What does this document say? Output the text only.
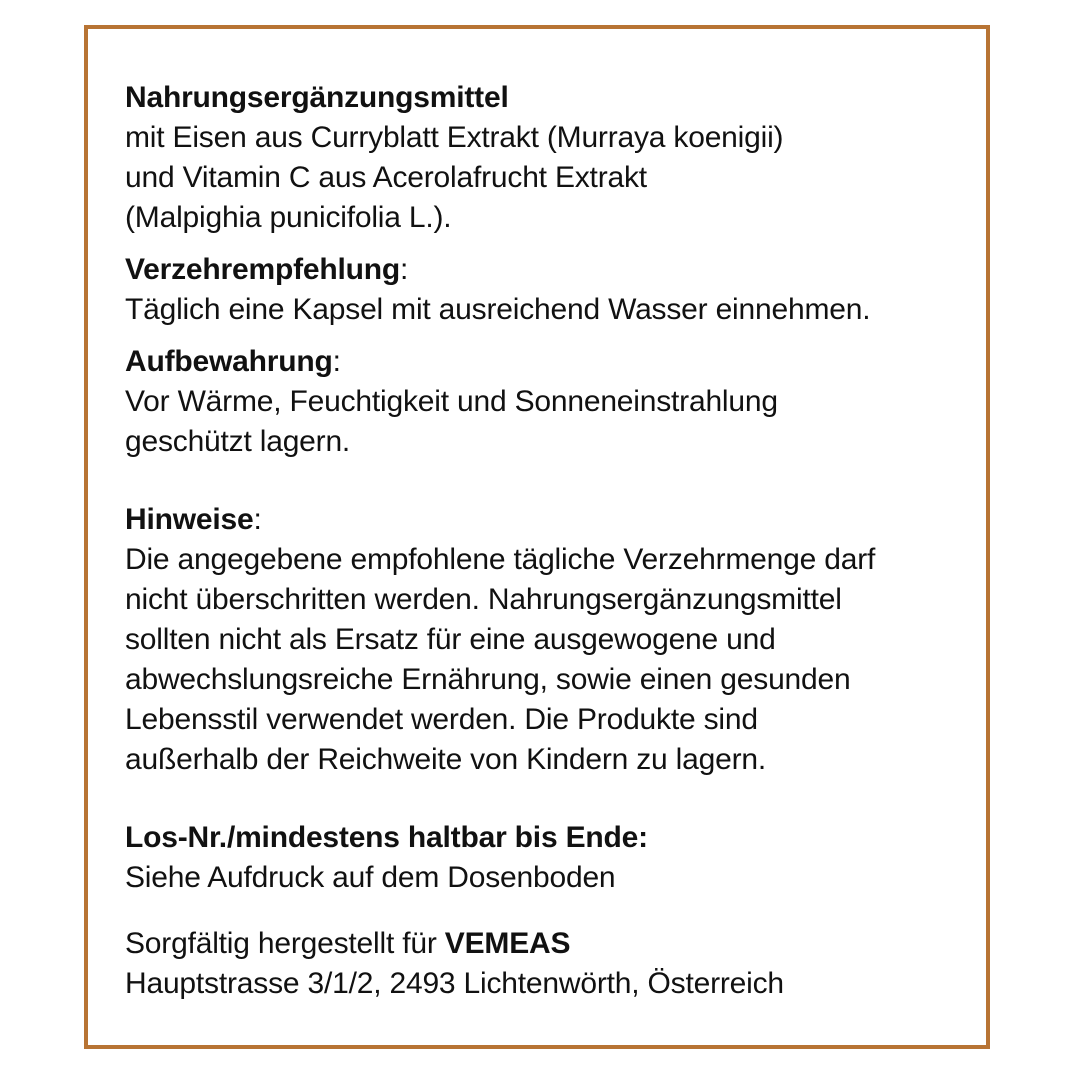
Nahrungsergänzungsmittel
mit Eisen aus Curryblatt Extrakt (Murraya koenigii)
und Vitamin C aus Acerolafrucht Extrakt
(Malpighia punicifolia L.).
Verzehrempfehlung:
Täglich eine Kapsel mit ausreichend Wasser einnehmen.
Aufbewahrung:
Vor Wärme, Feuchtigkeit und Sonneneinstrahlung
geschützt lagern.
Hinweise:
Die angegebene empfohlene tägliche Verzehrmenge darf
nicht überschritten werden. Nahrungsergänzungsmittel
sollten nicht als Ersatz für eine ausgewogene und
abwechslungsreiche Ernährung, sowie einen gesunden
Lebensstil verwendet werden. Die Produkte sind
außerhalb der Reichweite von Kindern zu lagern.
Los-Nr./mindestens haltbar bis Ende:
Siehe Aufdruck auf dem Dosenboden
Sorgfältig hergestellt für VEMEAS
Hauptstrasse 3/1/2, 2493 Lichtenwörth, Österreich
